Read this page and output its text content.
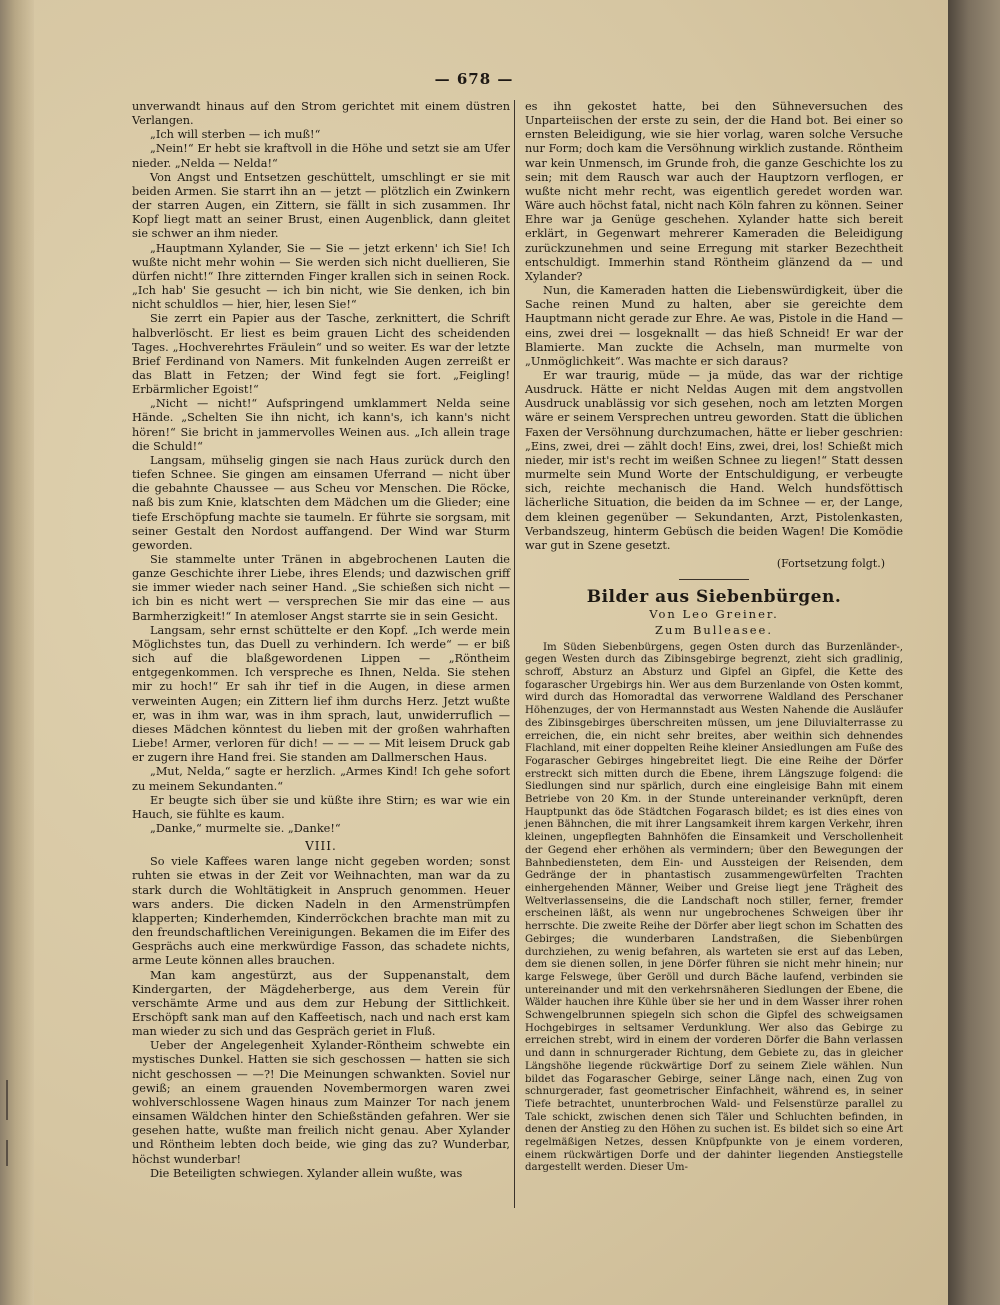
— 678 —

unverwandt hinaus auf den Strom gerichtet mit einem düstren Verlangen.

„Ich will sterben — ich muß!“

„Nein!“ Er hebt sie kraftvoll in die Höhe und setzt sie am Ufer nieder. „Nelda — Nelda!“

Von Angst und Entsetzen geschüttelt, umschlingt er sie mit beiden Armen. Sie starrt ihn an — jetzt — plötzlich ein Zwinkern der starren Augen, ein Zittern, sie fällt in sich zusammen. Ihr Kopf liegt matt an seiner Brust, einen Augenblick, dann gleitet sie schwer an ihm nieder.

„Hauptmann Xylander, Sie — Sie — jetzt erkenn' ich Sie! Ich wußte nicht mehr wohin — Sie werden sich nicht duellieren, Sie dürfen nicht!“ Ihre zitternden Finger krallen sich in seinen Rock. „Ich hab' Sie gesucht — ich bin nicht, wie Sie denken, ich bin nicht schuldlos — hier, hier, lesen Sie!“

Sie zerrt ein Papier aus der Tasche, zerknittert, die Schrift halbverlöscht. Er liest es beim grauen Licht des scheidenden Tages. „Hochverehrtes Fräulein“ und so weiter. Es war der letzte Brief Ferdinand von Namers. Mit funkelnden Augen zerreißt er das Blatt in Fetzen; der Wind fegt sie fort. „Feigling! Erbärmlicher Egoist!“

„Nicht — nicht!“ Aufspringend umklammert Nelda seine Hände. „Schelten Sie ihn nicht, ich kann's, ich kann's nicht hören!“ Sie bricht in jammervolles Weinen aus. „Ich allein trage die Schuld!“

Langsam, mühselig gingen sie nach Haus zurück durch den tiefen Schnee. Sie gingen am einsamen Uferrand — nicht über die gebahnte Chaussee — aus Scheu vor Menschen. Die Röcke, naß bis zum Knie, klatschten dem Mädchen um die Glieder; eine tiefe Erschöpfung machte sie taumeln. Er führte sie sorgsam, mit seiner Gestalt den Nordost auffangend. Der Wind war Sturm geworden.

Sie stammelte unter Tränen in abgebrochenen Lauten die ganze Geschichte ihrer Liebe, ihres Elends; und dazwischen griff sie immer wieder nach seiner Hand. „Sie schießen sich nicht — ich bin es nicht wert — versprechen Sie mir das eine — aus Barmherzigkeit!“ In atemloser Angst starrte sie in sein Gesicht.

Langsam, sehr ernst schüttelte er den Kopf. „Ich werde mein Möglichstes tun, das Duell zu verhindern. Ich werde“ — er biß sich auf die blaßgewordenen Lippen — „Röntheim entgegenkommen. Ich verspreche es Ihnen, Nelda. Sie stehen mir zu hoch!“ Er sah ihr tief in die Augen, in diese armen verweinten Augen; ein Zittern lief ihm durchs Herz. Jetzt wußte er, was in ihm war, was in ihm sprach, laut, unwiderruflich — dieses Mädchen könntest du lieben mit der großen wahrhaften Liebe! Armer, verloren für dich! — — — — Mit leisem Druck gab er zugern ihre Hand frei. Sie standen am Dallmerschen Haus.

„Mut, Nelda,“ sagte er herzlich. „Armes Kind! Ich gehe sofort zu meinem Sekundanten.“

Er beugte sich über sie und küßte ihre Stirn; es war wie ein Hauch, sie fühlte es kaum.

„Danke,“ murmelte sie. „Danke!“

VIII.

So viele Kaffees waren lange nicht gegeben worden; sonst ruhten sie etwas in der Zeit vor Weihnachten, man war da zu stark durch die Wohltätigkeit in Anspruch genommen. Heuer wars anders. Die dicken Nadeln in den Armenstrümpfen klapperten; Kinderhemden, Kinderröckchen brachte man mit zu den freundschaftlichen Vereinigungen. Bekamen die im Eifer des Gesprächs auch eine merkwürdige Fasson, das schadete nichts, arme Leute können alles brauchen.

Man kam angestürzt, aus der Suppenanstalt, dem Kindergarten, der Mägdeherberge, aus dem Verein für verschämte Arme und aus dem zur Hebung der Sittlichkeit. Erschöpft sank man auf den Kaffeetisch, nach und nach erst kam man wieder zu sich und das Gespräch geriet in Fluß.

Ueber der Angelegenheit Xylander-Röntheim schwebte ein mystisches Dunkel. Hatten sie sich geschossen — hatten sie sich nicht geschossen — —?! Die Meinungen schwankten. Soviel nur gewiß; an einem grauenden Novembermorgen waren zwei wohlverschlossene Wagen hinaus zum Mainzer Tor nach jenem einsamen Wäldchen hinter den Schießständen gefahren. Wer sie gesehen hatte, wußte man freilich nicht genau. Aber Xylander und Röntheim lebten doch beide, wie ging das zu? Wunderbar, höchst wunderbar!

Die Beteiligten schwiegen. Xylander allein wußte, was

es ihn gekostet hatte, bei den Sühneversuchen des Unparteiischen der erste zu sein, der die Hand bot. Bei einer so ernsten Beleidigung, wie sie hier vorlag, waren solche Versuche nur Form; doch kam die Versöhnung wirklich zustande. Röntheim war kein Unmensch, im Grunde froh, die ganze Geschichte los zu sein; mit dem Rausch war auch der Hauptzorn verflogen, er wußte nicht mehr recht, was eigentlich geredet worden war. Wäre auch höchst fatal, nicht nach Köln fahren zu können. Seiner Ehre war ja Genüge geschehen. Xylander hatte sich bereit erklärt, in Gegenwart mehrerer Kameraden die Beleidigung zurückzunehmen und seine Erregung mit starker Bezechtheit entschuldigt. Immerhin stand Röntheim glänzend da — und Xylander?

Nun, die Kameraden hatten die Liebenswürdigkeit, über die Sache reinen Mund zu halten, aber sie gereichte dem Hauptmann nicht gerade zur Ehre. Ae was, Pistole in die Hand — eins, zwei drei — losgeknallt — das hieß Schneid! Er war der Blamierte. Man zuckte die Achseln, man murmelte von „Unmöglichkeit“. Was machte er sich daraus?

Er war traurig, müde — ja müde, das war der richtige Ausdruck. Hätte er nicht Neldas Augen mit dem angstvollen Ausdruck unablässig vor sich gesehen, noch am letzten Morgen wäre er seinem Versprechen untreu geworden. Statt die üblichen Faxen der Versöhnung durchzumachen, hätte er lieber geschrien: „Eins, zwei, drei — zählt doch! Eins, zwei, drei, los! Schießt mich nieder, mir ist's recht im weißen Schnee zu liegen!“ Statt dessen murmelte sein Mund Worte der Entschuldigung, er verbeugte sich, reichte mechanisch die Hand. Welch hundsföttisch lächerliche Situation, die beiden da im Schnee — er, der Lange, dem kleinen gegenüber — Sekundanten, Arzt, Pistolenkasten, Verbandszeug, hinterm Gebüsch die beiden Wagen! Die Komödie war gut in Szene gesetzt.

(Fortsetzung folgt.)
Bilder aus Siebenbürgen.
Von Leo Greiner.
Zum Bulleasee.

Im Süden Siebenbürgens, gegen Osten durch das Burzenländer-, gegen Westen durch das Zibinsgebirge begrenzt, zieht sich gradlinig, schroff, Absturz an Absturz und Gipfel an Gipfel, die Kette des fogarascher Urgebirgs hin. Wer aus dem Burzenlande von Osten kommt, wird durch das Homoradtal das verworrene Waldland des Perschaner Höhenzuges, der von Hermannstadt aus Westen Nahende die Ausläufer des Zibinsgebirges überschreiten müssen, um jene Diluvialterrasse zu erreichen, die, ein nicht sehr breites, aber weithin sich dehnendes Flachland, mit einer doppelten Reihe kleiner Ansiedlungen am Fuße des Fogarascher Gebirges hingebreitet liegt. Die eine Reihe der Dörfer erstreckt sich mitten durch die Ebene, ihrem Längszuge folgend: die Siedlungen sind nur spärlich, durch eine eingleisige Bahn mit einem Betriebe von 20 Km. in der Stunde untereinander verknüpft, deren Hauptpunkt das öde Städtchen Fogarasch bildet; es ist dies eines von jenen Bähnchen, die mit ihrer Langsamkeit ihrem kargen Verkehr, ihren kleinen, ungepflegten Bahnhöfen die Einsamkeit und Verschollenheit der Gegend eher erhöhen als vermindern; über den Bewegungen der Bahnbediensteten, dem Ein- und Aussteigen der Reisenden, dem Gedränge der in phantastisch zusammengewürfelten Trachten einhergehenden Männer, Weiber und Greise liegt jene Trägheit des Weltverlassenseins, die die Landschaft noch stiller, ferner, fremder erscheinen läßt, als wenn nur ungebrochenes Schweigen über ihr herrschte. Die zweite Reihe der Dörfer aber liegt schon im Schatten des Gebirges; die wunderbaren Landstraßen, die Siebenbürgen durchziehen, zu wenig befahren, als warteten sie erst auf das Leben, dem sie dienen sollen, in jene Dörfer führen sie nicht mehr hinein; nur karge Felswege, über Geröll und durch Bäche laufend, verbinden sie untereinander und mit den verkehrsnäheren Siedlungen der Ebene, die Wälder hauchen ihre Kühle über sie her und in dem Wasser ihrer rohen Schwengelbrunnen spiegeln sich schon die Gipfel des schweigsamen Hochgebirges in seltsamer Verdunklung. Wer also das Gebirge zu erreichen strebt, wird in einem der vorderen Dörfer die Bahn verlassen und dann in schnurgerader Richtung, dem Gebiete zu, das in gleicher Längshöhe liegende rückwärtige Dorf zu seinem Ziele wählen. Nun bildet das Fogarascher Gebirge, seiner Länge nach, einen Zug von schnurgerader, fast geometrischer Einfachheit, während es, in seiner Tiefe betrachtet, ununterbrochen Wald- und Felsenstürze parallel zu Tale schickt, zwischen denen sich Täler und Schluchten befinden, in denen der Anstieg zu den Höhen zu suchen ist. Es bildet sich so eine Art regelmäßigen Netzes, dessen Knüpfpunkte von je einem vorderen, einem rückwärtigen Dorfe und der dahinter liegenden Anstiegstelle dargestellt werden. Dieser Um-
